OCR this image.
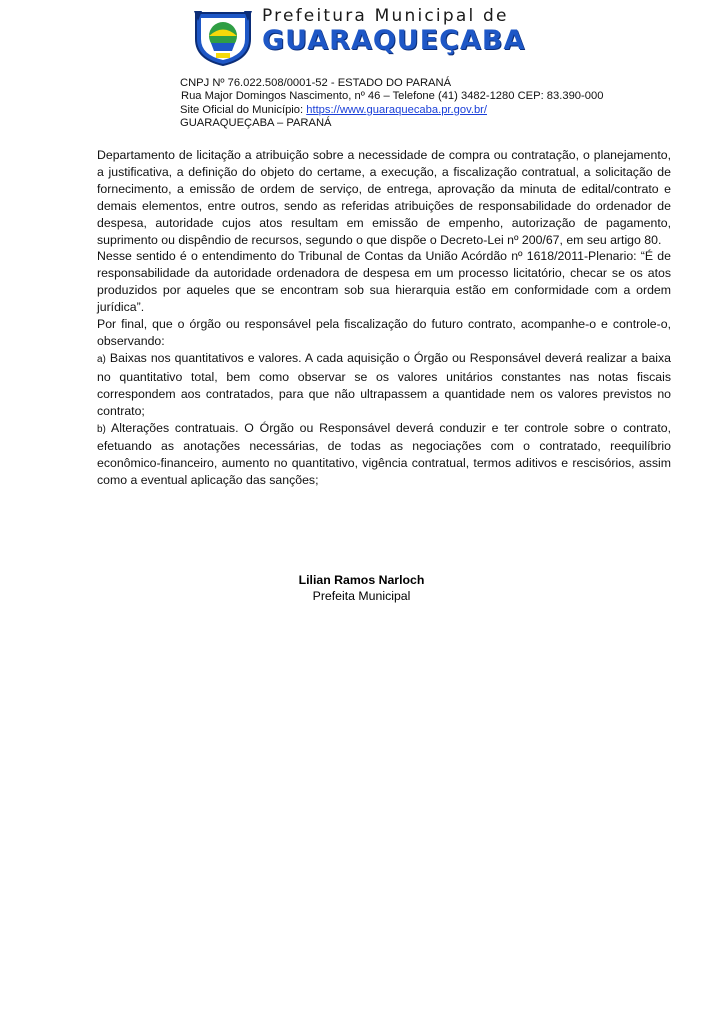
Prefeitura Municipal de
GUARAQUEÇABA
CNPJ Nº 76.022.508/0001-52 - ESTADO DO PARANÁ
Rua Major Domingos Nascimento, nº 46 – Telefone (41) 3482-1280 CEP: 83.390-000
Site Oficial do Município: https://www.guaraquecaba.pr.gov.br/
GUARAQUEÇABA – PARANÁ

Departamento de licitação a atribuição sobre a necessidade de compra ou contratação, o planejamento, a justificativa, a definição do objeto do certame, a execução, a fiscalização contratual, a solicitação de fornecimento, a emissão de ordem de serviço, de entrega, aprovação da minuta de edital/contrato e demais elementos, entre outros, sendo as referidas atribuições de responsabilidade do ordenador de despesa, autoridade cujos atos resultam em emissão de empenho, autorização de pagamento, suprimento ou dispêndio de recursos, segundo o que dispõe o Decreto-Lei nº 200/67, em seu artigo 80.

Nesse sentido é o entendimento do Tribunal de Contas da União Acórdão nº 1618/2011-Plenario: “É de responsabilidade da autoridade ordenadora de despesa em um processo licitatório, checar se os atos produzidos por aqueles que se encontram sob sua hierarquia estão em conformidade com a ordem jurídica”.

Por final, que o órgão ou responsável pela fiscalização do futuro contrato, acompanhe-o e controle-o, observando:

a) Baixas nos quantitativos e valores. A cada aquisição o Órgão ou Responsável deverá realizar a baixa no quantitativo total, bem como observar se os valores unitários constantes nas notas fiscais correspondem aos contratados, para que não ultrapassem a quantidade nem os valores previstos no contrato;

b) Alterações contratuais. O Órgão ou Responsável deverá conduzir e ter controle sobre o contrato, efetuando as anotações necessárias, de todas as negociações com o contratado, reequilíbrio econômico-financeiro, aumento no quantitativo, vigência contratual, termos aditivos e rescisórios, assim como a eventual aplicação das sanções;

Lilian Ramos Narloch
Prefeita Municipal
